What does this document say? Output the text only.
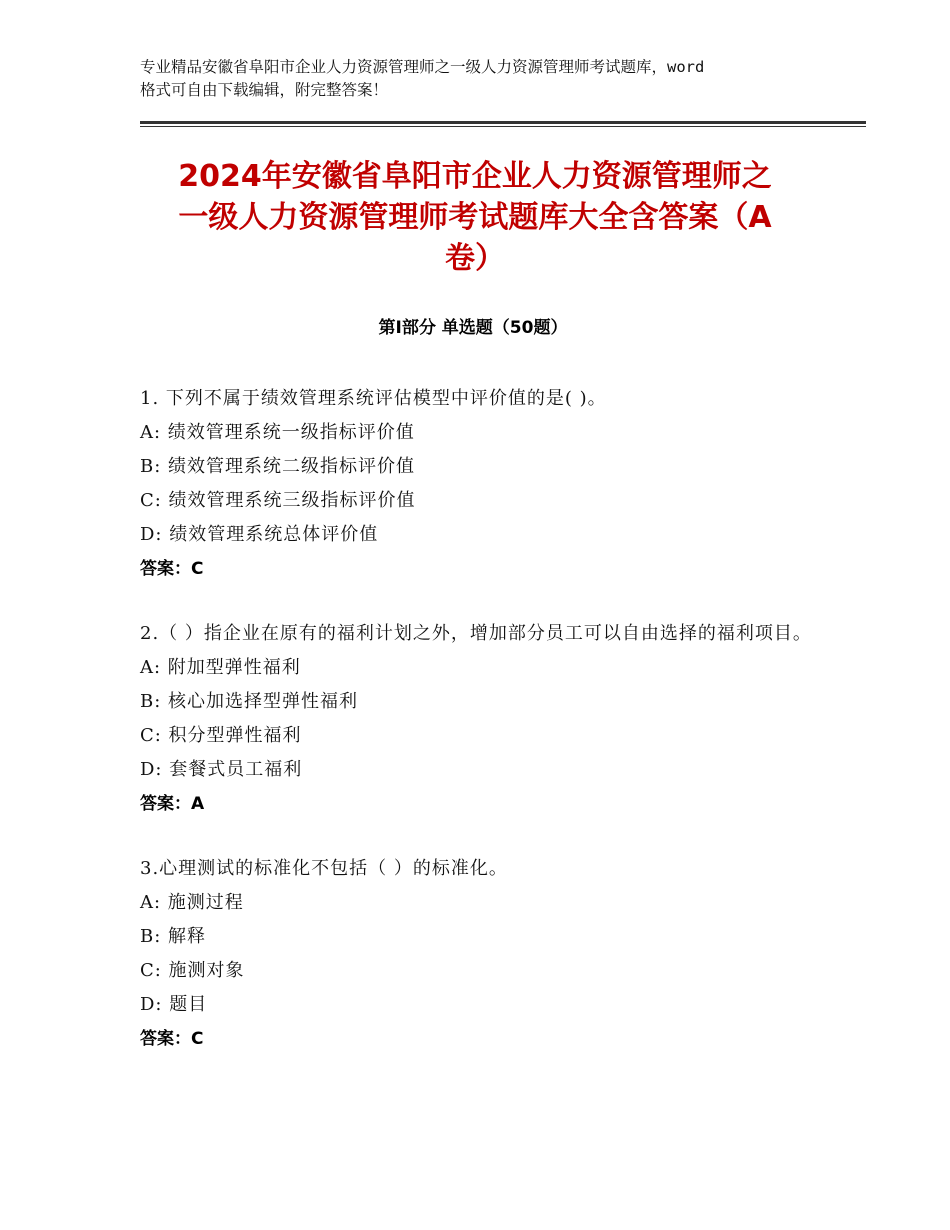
专业精品安徽省阜阳市企业人力资源管理师之一级人力资源管理师考试题库，word
格式可自由下载编辑，附完整答案！
2024年安徽省阜阳市企业人力资源管理师之
一级人力资源管理师考试题库大全含答案（A
卷）
第Ⅰ部分 单选题（50题）
1. 下列不属于绩效管理系统评估模型中评价值的是( )。
A: 绩效管理系统一级指标评价值
B: 绩效管理系统二级指标评价值
C: 绩效管理系统三级指标评价值
D: 绩效管理系统总体评价值
答案：C
2.（ ）指企业在原有的福利计划之外，增加部分员工可以自由选择的福利项目。
A: 附加型弹性福利
B: 核心加选择型弹性福利
C: 积分型弹性福利
D: 套餐式员工福利
答案：A
3.心理测试的标准化不包括（ ）的标准化。
A: 施测过程
B: 解释
C: 施测对象
D: 题目
答案：C
